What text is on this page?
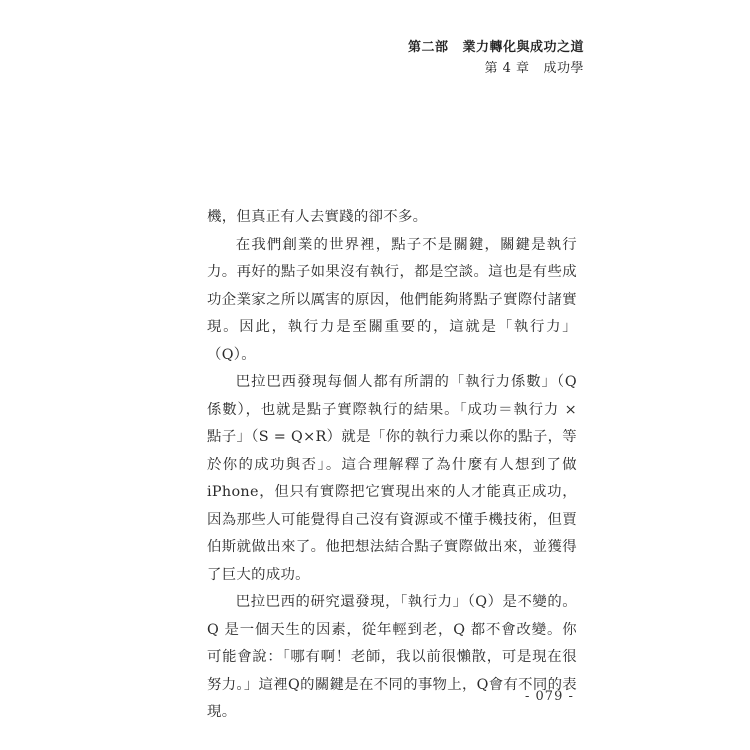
第二部 業力轉化與成功之道
第 4 章 成功學

機，但真正有人去實踐的卻不多。

在我們創業的世界裡，點子不是關鍵，關鍵是執行力。再好的點子如果沒有執行，都是空談。這也是有些成功企業家之所以厲害的原因，他們能夠將點子實際付諸實現。因此，執行力是至關重要的，這就是「執行力」（Q）。

巴拉巴西發現每個人都有所謂的「執行力係數」（Q係數），也就是點子實際執行的結果。「成功＝執行力 ×點子」（S = Q×R）就是「你的執行力乘以你的點子，等於你的成功與否」。這合理解釋了為什麼有人想到了做iPhone，但只有實際把它實現出來的人才能真正成功，因為那些人可能覺得自己沒有資源或不懂手機技術，但賈伯斯就做出來了。他把想法結合點子實際做出來，並獲得了巨大的成功。

巴拉巴西的研究還發現，「執行力」（Q）是不變的。Q 是一個天生的因素，從年輕到老，Q 都不會改變。你可能會說：「哪有啊！老師，我以前很懶散，可是現在很努力。」這裡Q的關鍵是在不同的事物上，Q會有不同的表現。

- 079 -
